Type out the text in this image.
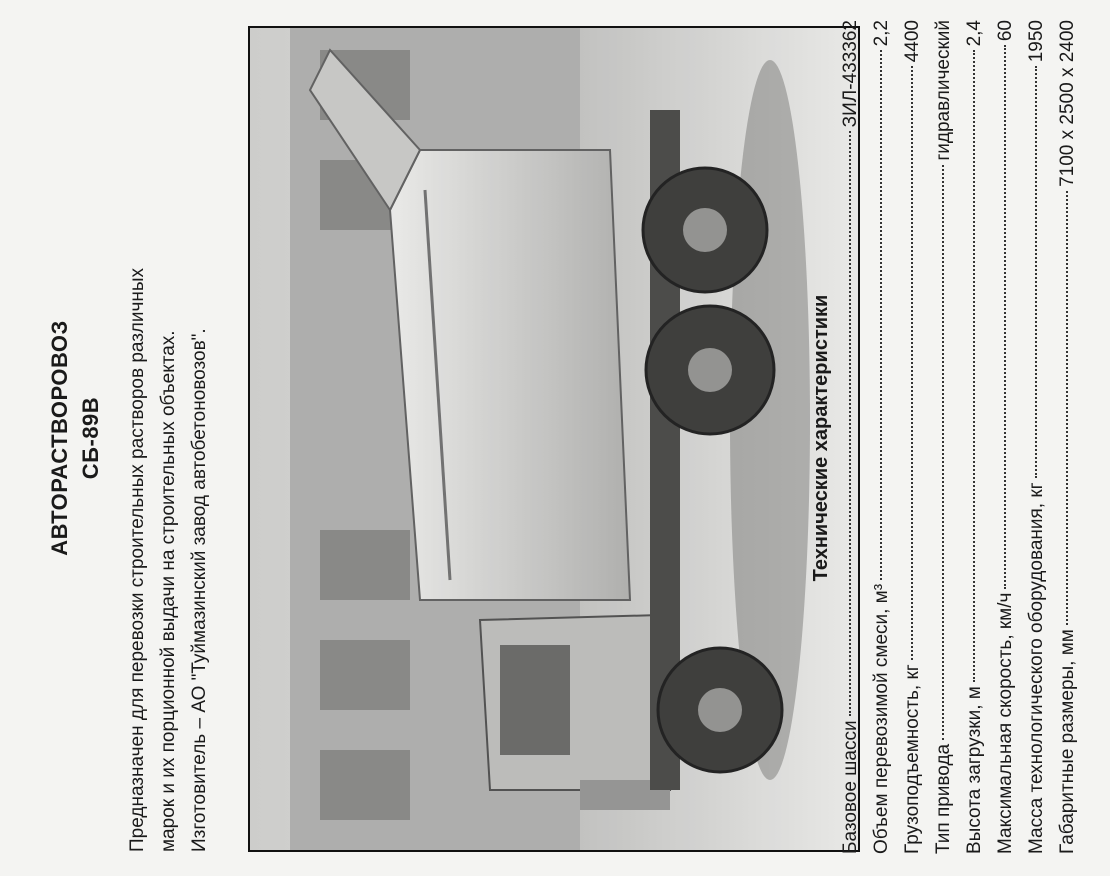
АВТОРАСТВОРОВОЗ СБ-89В Предназначен для перевозки строительных растворов различных марок и их порционной выдачи на строительных объектах. Изготовитель – АО "Туймазинский завод автобетоновозов".	Технические характеристики
Базовое шасси
ЗИЛ-433362
Объем перевозимой смеси, м³
2,2
Грузоподъемность, кг
4400
Тип привода
гидравлический
Высота загрузки, м
2,4
Максимальная скорость, км/ч
60
Масса технологического оборудования, кг
1950
Габаритные размеры, мм
7100 х 2500 х 2400
